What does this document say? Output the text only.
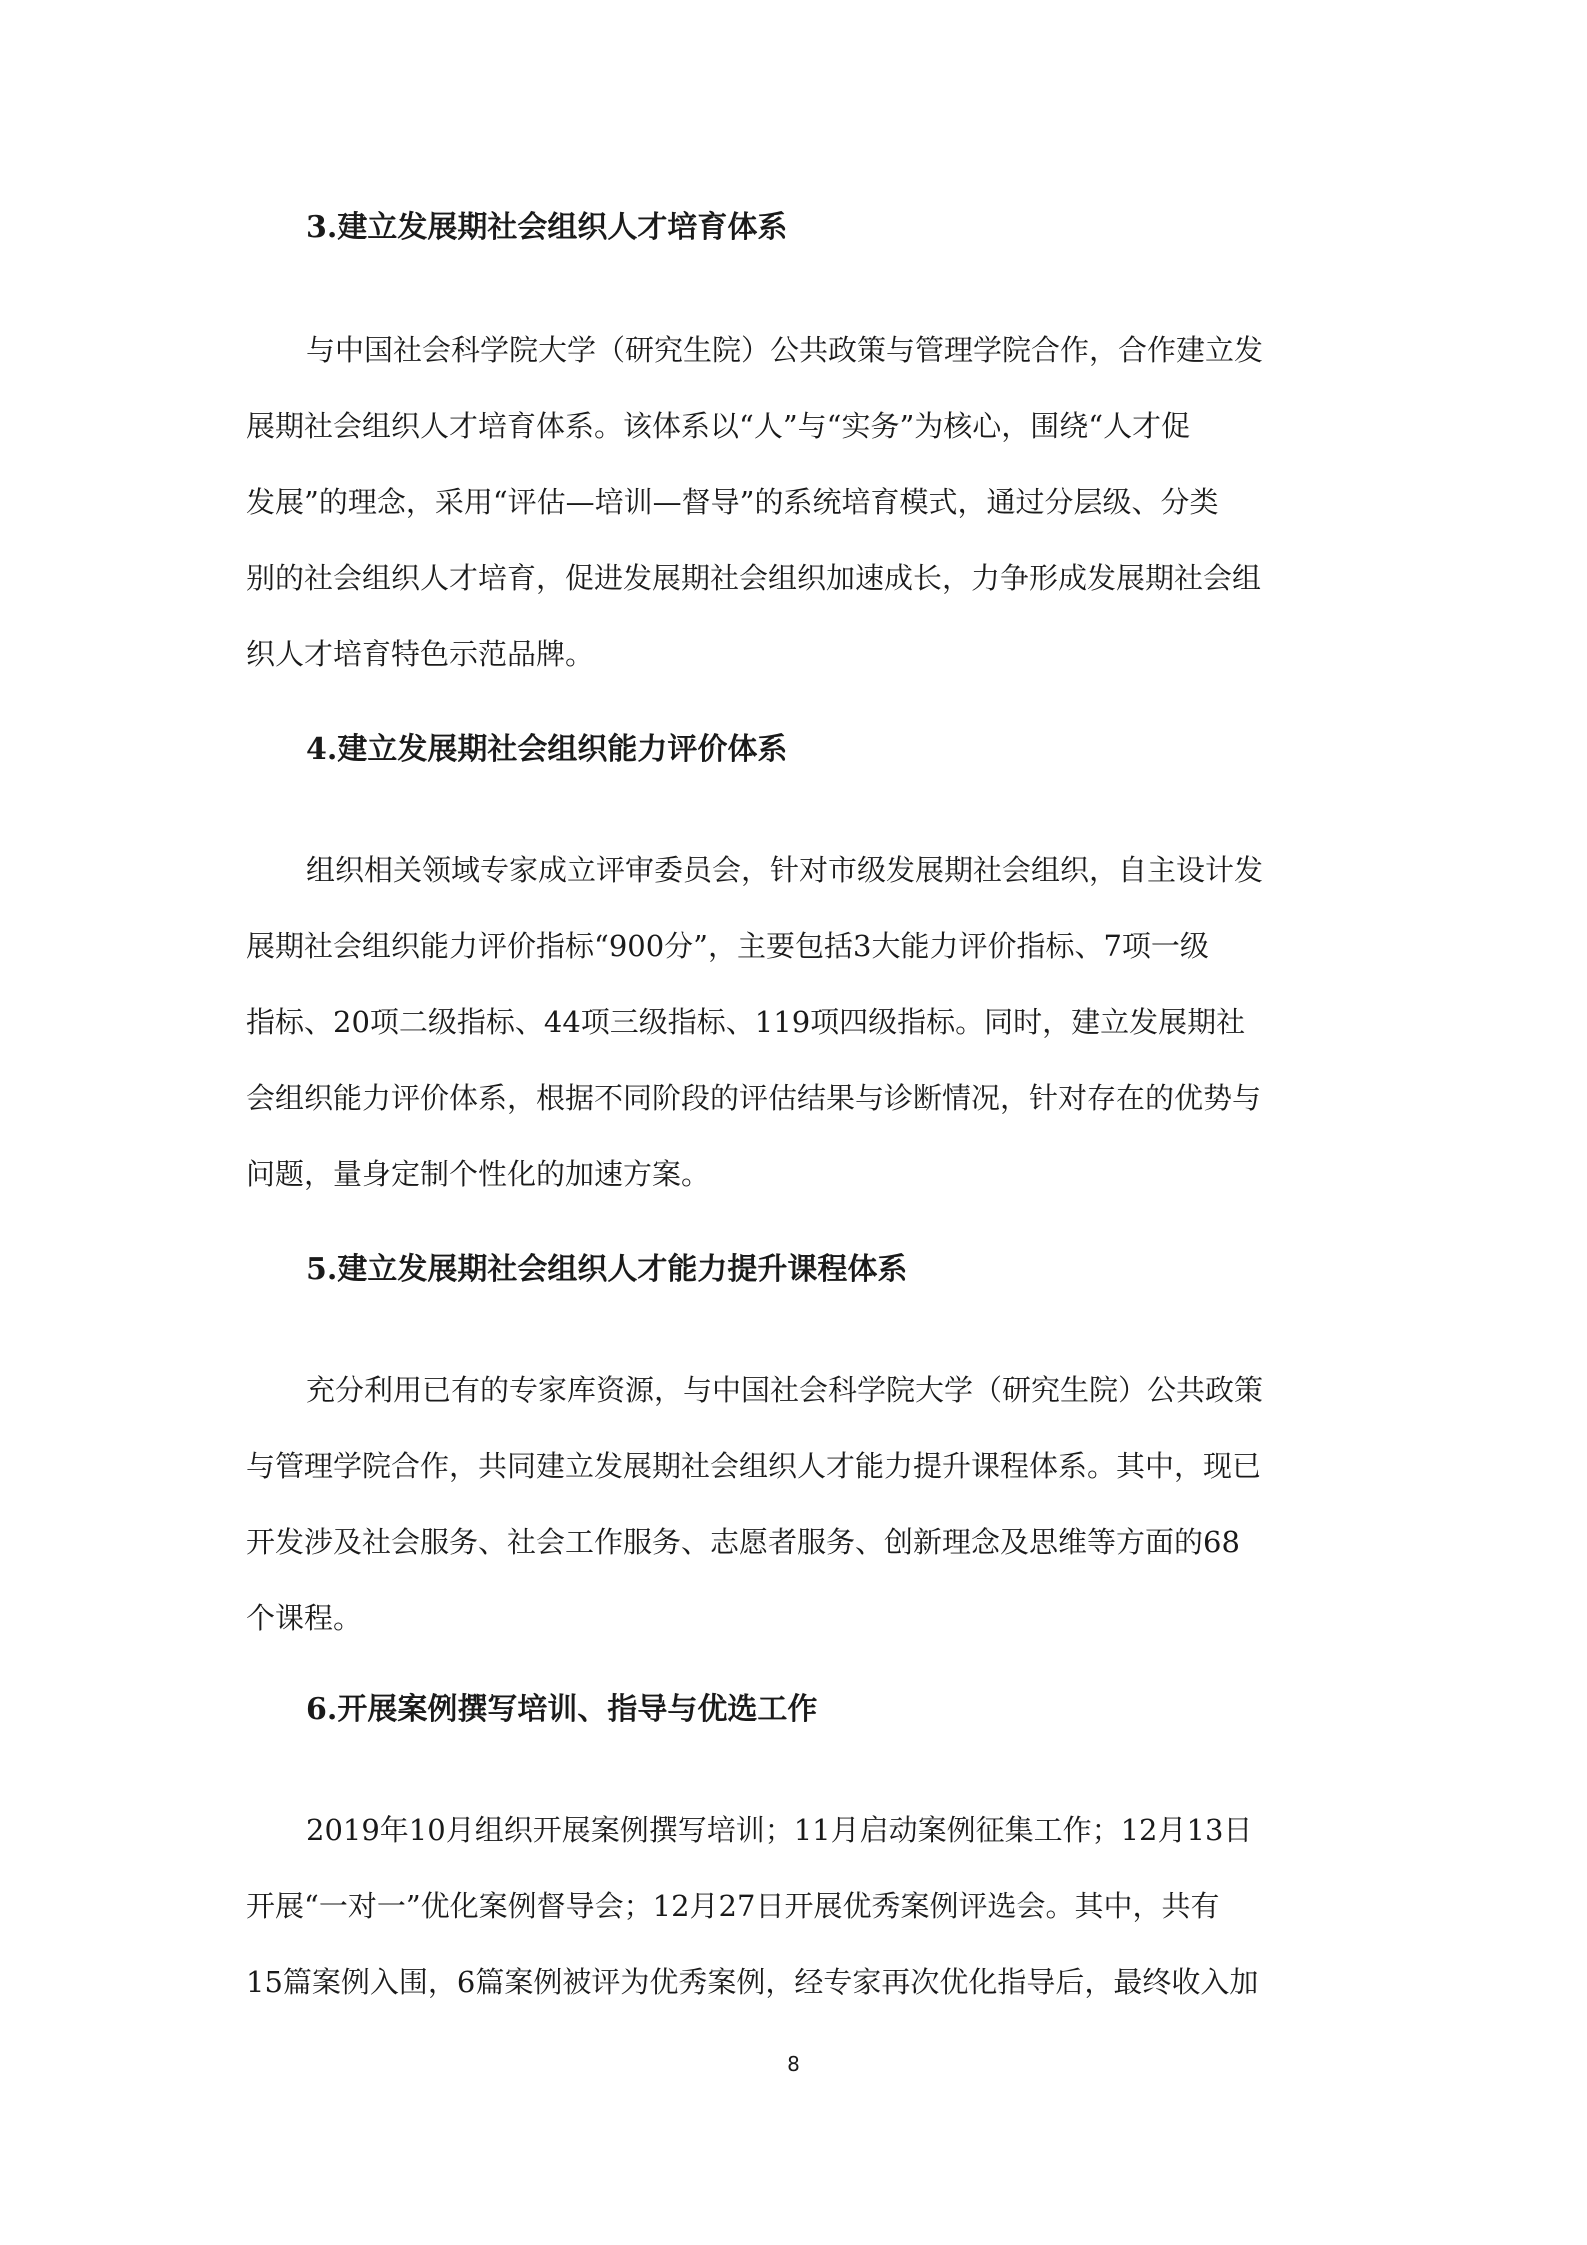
3.建立发展期社会组织人才培育体系
与中国社会科学院大学（研究生院）公共政策与管理学院合作，合作建立发
展期社会组织人才培育体系。该体系以“人”与“实务”为核心，围绕“人才促
发展”的理念，采用“评估—培训—督导”的系统培育模式，通过分层级、分类
别的社会组织人才培育，促进发展期社会组织加速成长，力争形成发展期社会组
织人才培育特色示范品牌。
4.建立发展期社会组织能力评价体系
组织相关领域专家成立评审委员会，针对市级发展期社会组织，自主设计发
展期社会组织能力评价指标“900分”，主要包括3大能力评价指标、7项一级
指标、20项二级指标、44项三级指标、119项四级指标。同时，建立发展期社
会组织能力评价体系，根据不同阶段的评估结果与诊断情况，针对存在的优势与
问题，量身定制个性化的加速方案。
5.建立发展期社会组织人才能力提升课程体系
充分利用已有的专家库资源，与中国社会科学院大学（研究生院）公共政策
与管理学院合作，共同建立发展期社会组织人才能力提升课程体系。其中，现已
开发涉及社会服务、社会工作服务、志愿者服务、创新理念及思维等方面的68
个课程。
6.开展案例撰写培训、指导与优选工作
2019年10月组织开展案例撰写培训；11月启动案例征集工作；12月13日
开展“一对一”优化案例督导会；12月27日开展优秀案例评选会。其中，共有
15篇案例入围，6篇案例被评为优秀案例，经专家再次优化指导后，最终收入加
8
